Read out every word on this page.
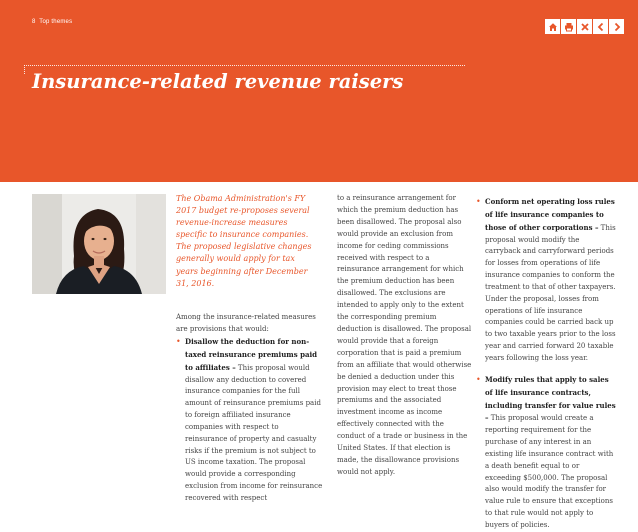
8 Top themes
Insurance-related revenue raisers
The Obama Administration's FY 2017 budget re-proposes several revenue-increase measures specific to insurance companies. The proposed legislative changes generally would apply for tax years beginning after December 31, 2016.
Among the insurance-related measures are provisions that would:
• Disallow the deduction for non-taxed reinsurance premiums paid to affiliates – This proposal would disallow any deduction to covered insurance companies for the full amount of reinsurance premiums paid to foreign affiliated insurance companies with respect to reinsurance of property and casualty risks if the premium is not subject to US income taxation. The proposal would provide a corresponding exclusion from income for reinsurance recovered with respect
to a reinsurance arrangement for which the premium deduction has been disallowed. The proposal also would provide an exclusion from income for ceding commissions received with respect to a reinsurance arrangement for which the premium deduction has been disallowed. The exclusions are intended to apply only to the extent the corresponding premium deduction is disallowed. The proposal would provide that a foreign corporation that is paid a premium from an affiliate that would otherwise be denied a deduction under this provision may elect to treat those premiums and the associated investment income as income effectively connected with the conduct of a trade or business in the United States. If that election is made, the disallowance provisions would not apply.
• Conform net operating loss rules of life insurance companies to those of other corporations – This proposal would modify the carryback and carryforward periods for losses from operations of life insurance companies to conform the treatment to that of other taxpayers. Under the proposal, losses from operations of life insurance companies could be carried back up to two taxable years prior to the loss year and carried forward 20 taxable years following the loss year.
• Modify rules that apply to sales of life insurance contracts, including transfer for value rules – This proposal would create a reporting requirement for the purchase of any interest in an existing life insurance contract with a death benefit equal to or exceeding $500,000. The proposal also would modify the transfer for value rule to ensure that exceptions to that rule would not apply to buyers of policies.
